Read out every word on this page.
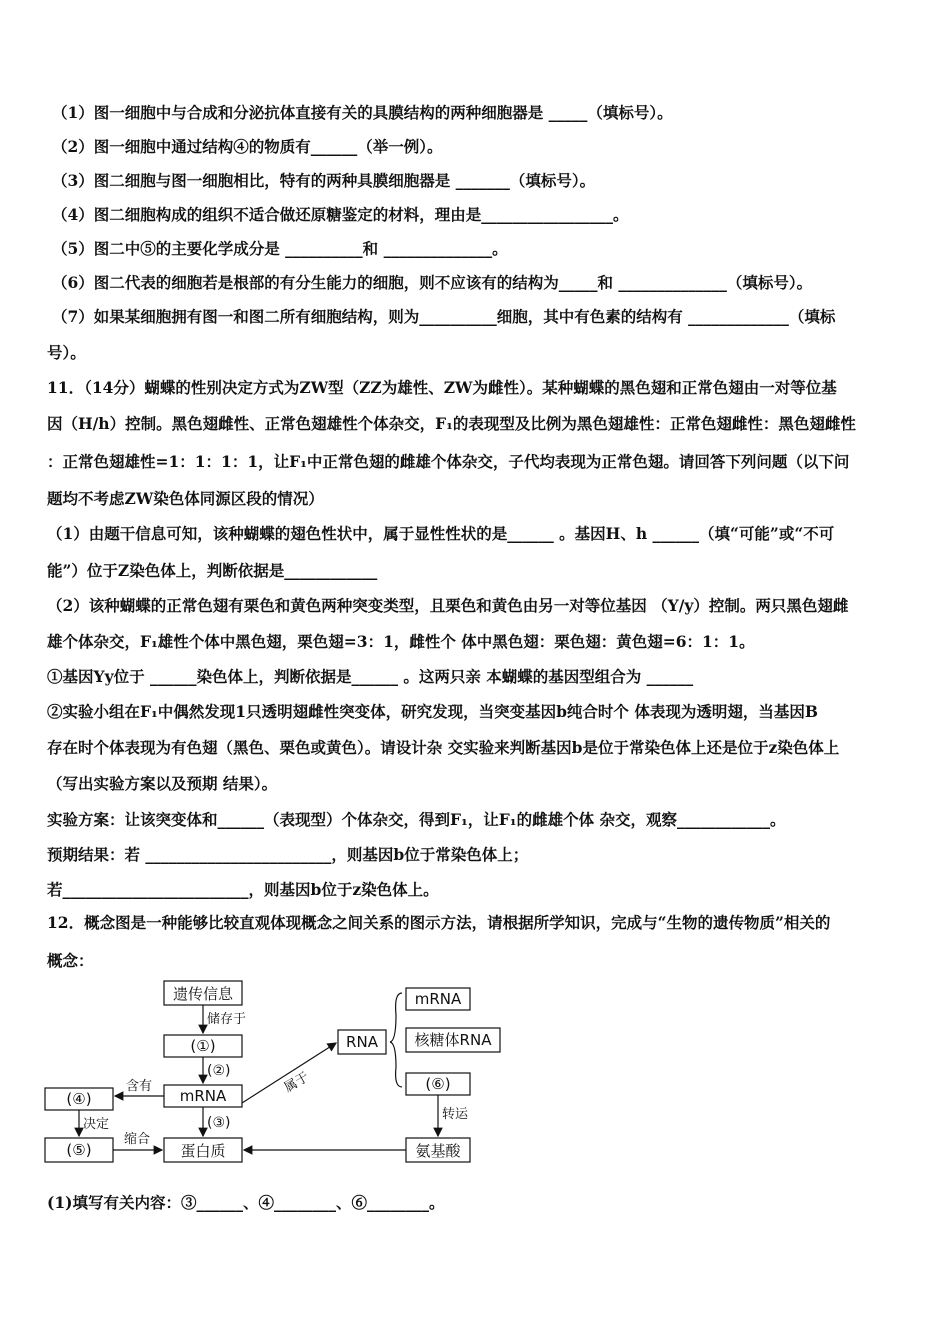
（1）图一细胞中与合成和分泌抗体直接有关的具膜结构的两种细胞器是 _____（填标号）。
（2）图一细胞中通过结构④的物质有______（举一例）。
（3）图二细胞与图一细胞相比，特有的两种具膜细胞器是 _______（填标号）。
（4）图二细胞构成的组织不适合做还原糖鉴定的材料，理由是_________________。
（5）图二中⑤的主要化学成分是 __________和 ______________。
（6）图二代表的细胞若是根部的有分生能力的细胞，则不应该有的结构为_____和 ______________（填标号）。
（7）如果某细胞拥有图一和图二所有细胞结构，则为__________细胞，其中有色素的结构有 _____________（填标
号）。
11．（14分）蝴蝶的性别决定方式为ZW型（ZZ为雄性、ZW为雌性）。某种蝴蝶的黑色翅和正常色翅由一对等位基
因（H/h）控制。黑色翅雌性、正常色翅雄性个体杂交，F₁的表现型及比例为黑色翅雄性：正常色翅雌性：黑色翅雌性
：正常色翅雄性=1：1：1：1，让F₁中正常色翅的雌雄个体杂交，子代均表现为正常色翅。请回答下列问题（以下问
题均不考虑ZW染色体同源区段的情况）
（1）由题干信息可知，该种蝴蝶的翅色性状中，属于显性性状的是______ 。基因H、h ______（填“可能”或“不可
能”）位于Z染色体上，判断依据是____________
（2）该种蝴蝶的正常色翅有栗色和黄色两种突变类型，且栗色和黄色由另一对等位基因 （Y/y）控制。两只黑色翅雌
雄个体杂交，F₁雄性个体中黑色翅，栗色翅=3：1，雌性个 体中黑色翅：栗色翅：黄色翅=6：1：1。
①基因Yy位于 ______染色体上，判断依据是______ 。这两只亲 本蝴蝶的基因型组合为 ______
②实验小组在F₁中偶然发现1只透明翅雌性突变体，研究发现，当突变基因b纯合时个 体表现为透明翅，当基因B
存在时个体表现为有色翅（黑色、栗色或黄色）。请设计杂 交实验来判断基因b是位于常染色体上还是位于z染色体上
（写出实验方案以及预期 结果）。
实验方案：让该突变体和______（表现型）个体杂交，得到F₁，让F₁的雌雄个体 杂交，观察____________。
预期结果：若 ________________________，则基因b位于常染色体上；
若________________________，则基因b位于z染色体上。
12．概念图是一种能够比较直观体现概念之间关系的图示方法，请根据所学知识，完成与“生物的遗传物质”相关的
概念：
遗传信息
(①)
mRNA
(④)
(⑤)	蛋白质
RNA
mRNA
核糖体RNA
(⑥)
氨基酸
储存于
(②)
(③)
含有
决定
缩合
属于
转运
(1)填写有关内容：③______、④________、⑥________。
